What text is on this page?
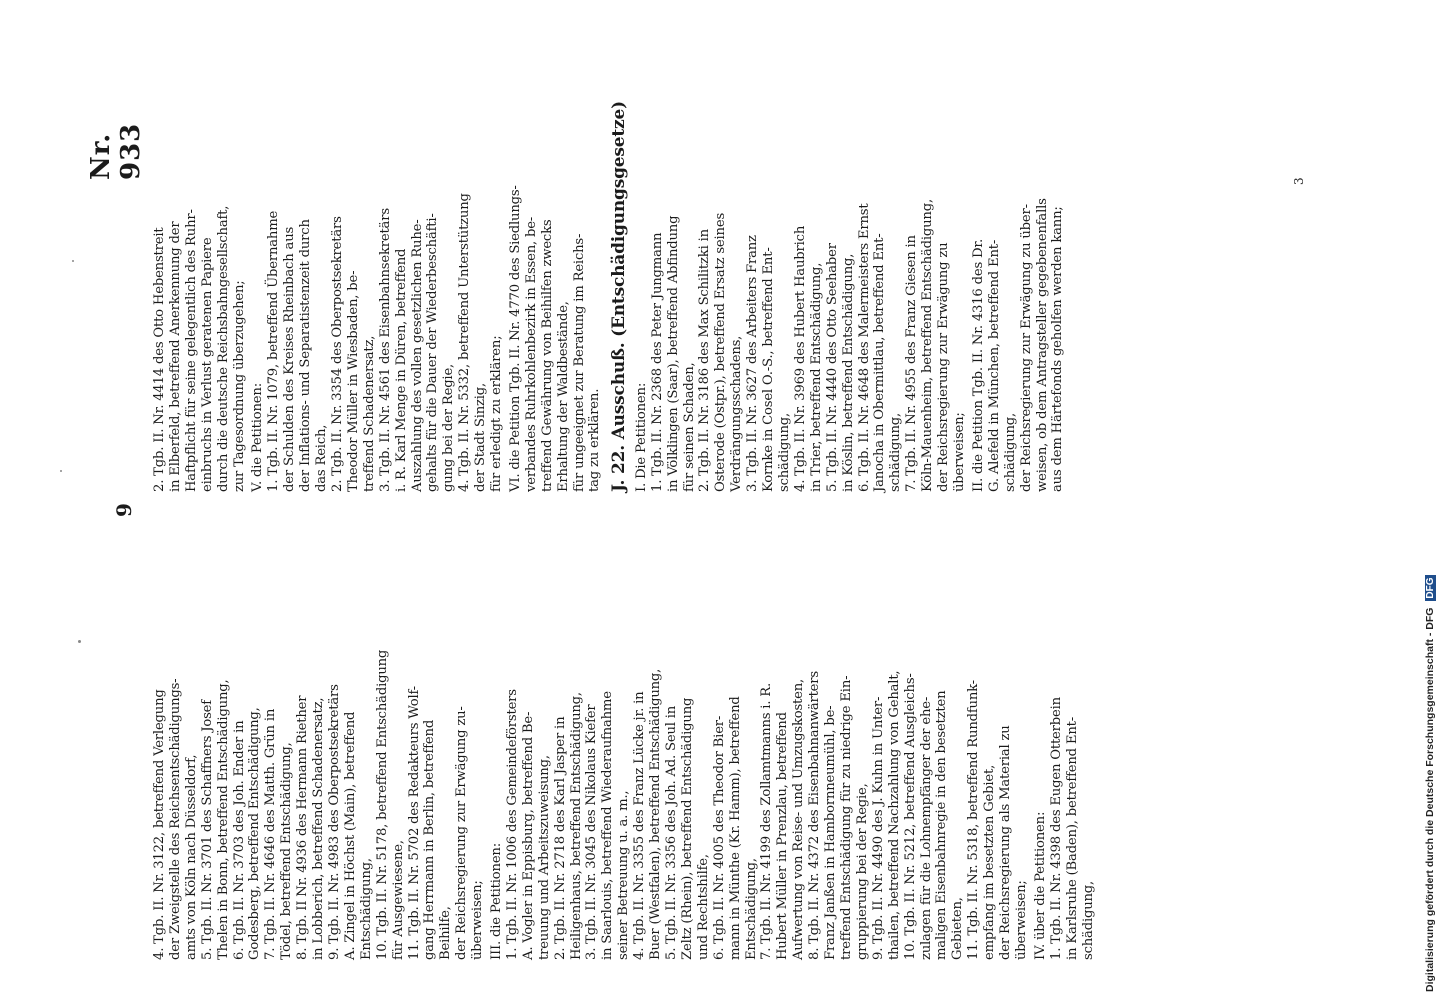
9
4. Tgb. II. Nr. 3122, betreffend Verlegung der Zweigstelle des Reichsentschädigungs- amts von Köln nach Düsseldorf, 5. Tgb. II. Nr. 3701 des Schaffners Josef Thelen in Bonn, betreffend Entschädigung, 6. Tgb. II. Nr. 3703 des Joh. Ender in Godesberg, betreffend Entschädigung, 7. Tgb. II. Nr. 4646 des Matth. Grün in Tödel, betreffend Entschädigung, 8. Tgb. II Nr. 4936 des Hermann Riether in Lobberich, betreffend Schadenersatz, 9. Tgb. II. Nr. 4983 des Oberpostsekretärs A. Zingel in Höchst (Main), betreffend Entschädigung, 10. Tgb. II. Nr. 5178, betreffend Entschädigung für Ausgewiesene, 11. Tgb. II. Nr. 5702 des Redakteurs Wolf- gang Herrmann in Berlin, betreffend Beihilfe, der Reichsregierung zur Erwägung zu- überweisen; III. die Petitionen: 1. Tgb. II. Nr. 1006 des Gemeindeförsters A. Vogler in Eppisburg, betreffend Be- treuung und Arbeitszuweisung, 2. Tgb. II. Nr. 2718 des Karl Jasper in Heiligenhaus, betreffend Entschädigung, 3. Tgb. II. Nr. 3045 des Nikolaus Kiefer in Saarlouis, betreffend Wiederaufnahme seiner Betreuung u. a. m., 4. Tgb. II. Nr. 3355 des Franz Lücke jr. in Buer (Westfalen), betreffend Entschädigung, 5. Tgb. II. Nr. 3356 des Joh. Ad. Seul in Zeltz (Rhein), betreffend Entschädigung und Rechtshilfe, 6. Tgb. II. Nr. 4005 des Theodor Bier- mann in Münthe (Kr. Hamm), betreffend Entschädigung, 7. Tgb. II. Nr. 4199 des Zollamtmanns i. R. Hubert Müller in Prenzlau, betreffend Aufwertung von Reise- und Umzugskosten, 8. Tgb. II. Nr. 4372 des Eisenbahnanwärters Franz Janßen in Hambornneumühl, be- treffend Entschädigung für zu niedrige Ein- gruppierung bei der Regie, 9. Tgb. II. Nr. 4490 des J. Kuhn in Unter- thailen, betreffend Nachzahlung von Gehalt, 10. Tgb. II. Nr. 5212, betreffend Ausgleichs- zulagen für die Lohnempfänger der ehe- maligen Eisenbahnregie in den besetzten Gebieten, 11. Tgb. II. Nr. 5318, betreffend Rundfunk- empfang im besetzten Gebiet, der Reichsregierung als Material zu überweisen; IV. über die Petitionen: 1. Tgb. II. Nr. 4398 des Eugen Otterbein in Karlsruhe (Baden), betreffend Ent- schädigung,
2. Tgb. II. Nr. 4414 des Otto Hebenstreit in Elberfeld, betreffend Anerkennung der Haftpflicht für seine gelegentlich des Ruhr- einbruchs in Verlust geratenen Papiere durch die deutsche Reichsbahngesellschaft, zur Tagesordnung überzugehen; V. die Petitionen: 1. Tgb. II. Nr. 1079, betreffend Übernahme der Schulden des Kreises Rheinbach aus der Inflations- und Separatistenzeit durch das Reich, 2. Tgb. II. Nr. 3354 des Oberpostsekretärs Theodor Müller in Wiesbaden, be- treffend Schadenersatz, 3. Tgb. II. Nr. 4561 des Eisenbahnsekretärs i. R. Karl Menge in Düren, betreffend Auszahlung des vollen gesetzlichen Ruhe- gehalts für die Dauer der Wiederbeschäfti- gung bei der Regie, 4. Tgb. II. Nr. 5332, betreffend Unterstützung der Stadt Sinzig, für erledigt zu erklären; VI. die Petition Tgb. II. Nr. 4770 des Siedlungs- verbandes Ruhrkohlenbezirk in Essen, be- treffend Gewährung von Beihilfen zwecks Erhaltung der Waldbestände, für ungeeignet zur Beratung im Reichs- tag zu erklären. J. 22. Ausschuß. (Entschädigungsgesetze) I. Die Petitionen: 1. Tgb. II. Nr. 2368 des Peter Jungmann in Völklingen (Saar), betreffend Abfindung für seinen Schaden, 2. Tgb. II. Nr. 3186 des Max Schilitzki in Osterode (Ostpr.), betreffend Ersatz seines Verdrängungsschadens, 3. Tgb. II. Nr. 3627 des Arbeiters Franz Kornke in Cosel O.-S., betreffend Ent- schädigung, 4. Tgb. II. Nr. 3969 des Hubert Haubrich in Trier, betreffend Entschädigung, 5. Tgb. II. Nr. 4440 des Otto Seehaber in Köslin, betreffend Entschädigung, 6. Tgb. II. Nr. 4648 des Malermeisters Ernst Janocha in Obermittlau, betreffend Ent- schädigung, 7. Tgb. II. Nr. 4955 des Franz Giesen in Köln-Mauenheim, betreffend Entschädigung, der Reichsregierung zur Erwägung zu überweisen; II. die Petition Tgb. II. Nr. 4316 des Dr. G. Alefeld in München, betreffend Ent- schädigung, der Reichsregierung zur Erwägung zu über- weisen, ob dem Antragsteller gegebenenfalls aus dem Härtefonds geholfen werden kann;
Nr. 933
3
Digitalisierung gefördert durch die Deutsche Forschungsgemeinschaft - DFG DFG
